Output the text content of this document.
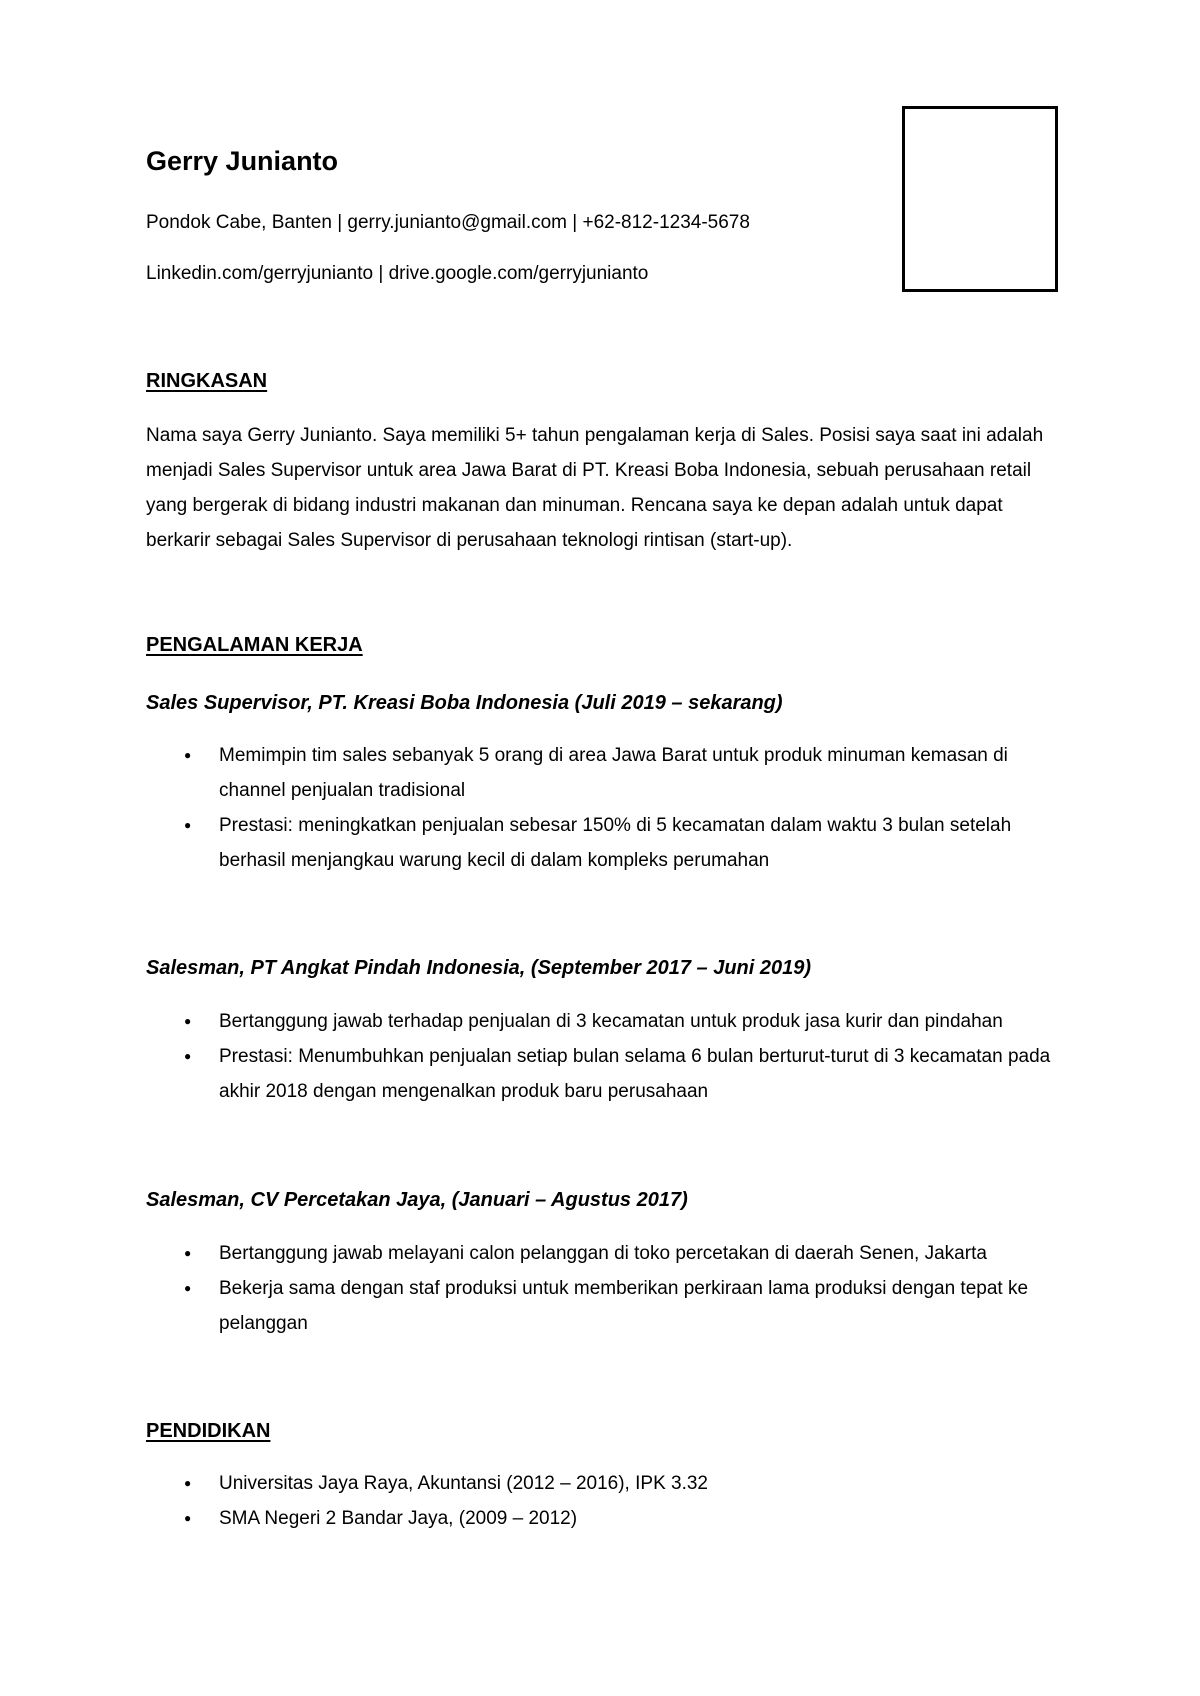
Gerry Junianto
Pondok Cabe, Banten | gerry.junianto@gmail.com | +62-812-1234-5678
Linkedin.com/gerryjunianto | drive.google.com/gerryjunianto
RINGKASAN
Nama saya Gerry Junianto. Saya memiliki 5+ tahun pengalaman kerja di Sales. Posisi saya saat ini adalah menjadi Sales Supervisor untuk area Jawa Barat di PT. Kreasi Boba Indonesia, sebuah perusahaan retail yang bergerak di bidang industri makanan dan minuman. Rencana saya ke depan adalah untuk dapat berkarir sebagai Sales Supervisor di perusahaan teknologi rintisan (start-up).
PENGALAMAN KERJA
Sales Supervisor, PT. Kreasi Boba Indonesia (Juli 2019 – sekarang)
● Memimpin tim sales sebanyak 5 orang di area Jawa Barat untuk produk minuman kemasan di channel penjualan tradisional
● Prestasi: meningkatkan penjualan sebesar 150% di 5 kecamatan dalam waktu 3 bulan setelah berhasil menjangkau warung kecil di dalam kompleks perumahan
Salesman, PT Angkat Pindah Indonesia, (September 2017 – Juni 2019)
● Bertanggung jawab terhadap penjualan di 3 kecamatan untuk produk jasa kurir dan pindahan
● Prestasi: Menumbuhkan penjualan setiap bulan selama 6 bulan berturut-turut di 3 kecamatan pada akhir 2018 dengan mengenalkan produk baru perusahaan
Salesman, CV Percetakan Jaya, (Januari – Agustus 2017)
● Bertanggung jawab melayani calon pelanggan di toko percetakan di daerah Senen, Jakarta
● Bekerja sama dengan staf produksi untuk memberikan perkiraan lama produksi dengan tepat ke pelanggan
PENDIDIKAN
● Universitas Jaya Raya, Akuntansi (2012 – 2016), IPK 3.32
● SMA Negeri 2 Bandar Jaya, (2009 – 2012)
